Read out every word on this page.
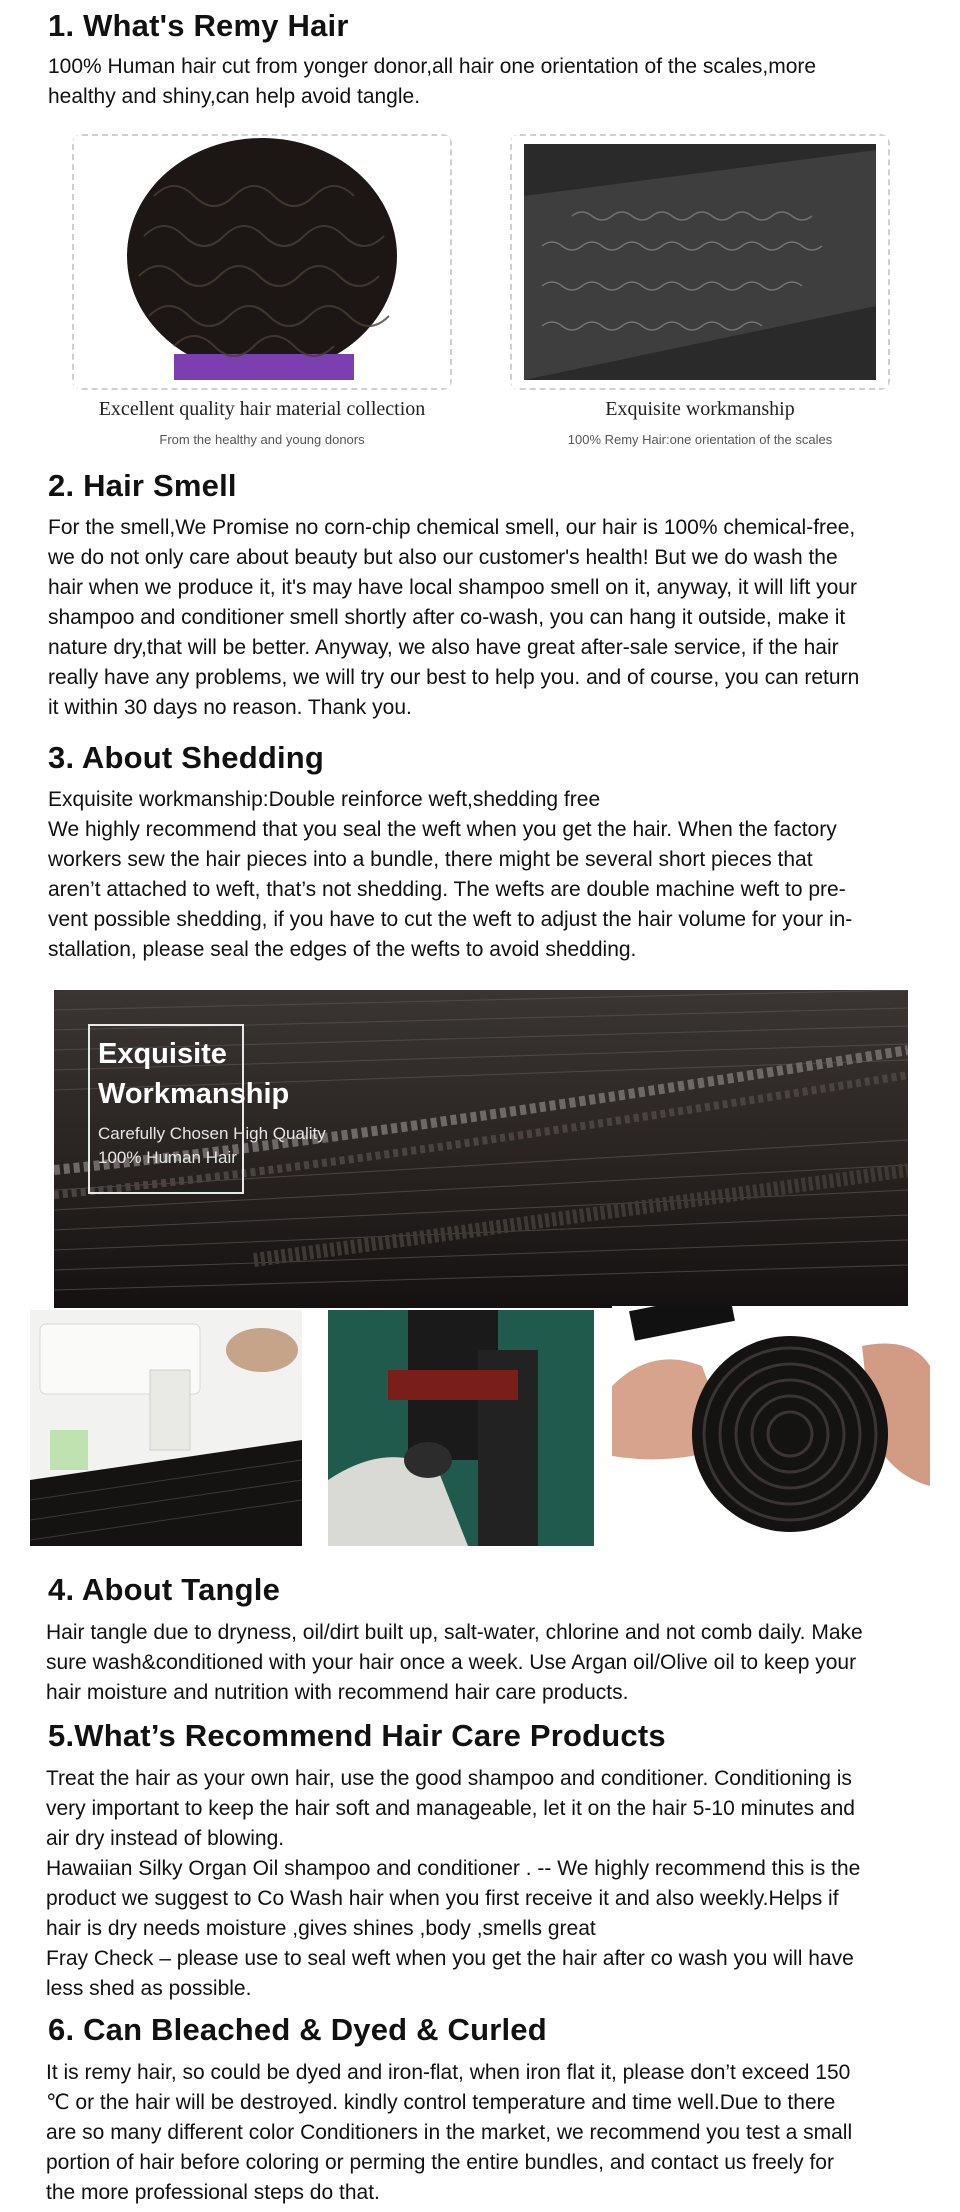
1. What's Remy Hair

100% Human hair cut from yonger donor,all hair one orientation of the scales,more

healthy and shiny,can help avoid tangle.

Excellent quality hair material collection
From the healthy and young donors
Exquisite workmanship
100% Remy Hair:one orientation of the scales
2. Hair Smell

For the smell,We Promise no corn-chip chemical smell, our hair is 100% chemical-free,

we do not only care about beauty but also our customer's health! But we do wash the

hair when we produce it, it's may have local shampoo smell on it, anyway, it will lift your

shampoo and conditioner smell shortly after co-wash, you can hang it outside, make it

nature dry,that will be better. Anyway, we also have great after-sale service, if the hair

really have any problems, we will try our best to help you. and of course, you can return

it within 30 days no reason. Thank you.

3. About Shedding

Exquisite workmanship:Double reinforce weft,shedding free

We highly recommend that you seal the weft when you get the hair. When the factory

workers sew the hair pieces into a bundle, there might be several short pieces that

aren’t attached to weft, that’s not shedding. The wefts are double machine weft to pre-

vent possible shedding, if you have to cut the weft to adjust the hair volume for your in-

stallation, please seal the edges of the wefts to avoid shedding.

Exquisite
Workmanship
Carefully Chosen High Quality
100% Human Hair
4. About Tangle

Hair tangle due to dryness, oil/dirt built up, salt-water, chlorine and not comb daily. Make

sure wash&conditioned with your hair once a week. Use Argan oil/Olive oil to keep your

hair moisture and nutrition with recommend hair care products.

5.What’s Recommend Hair Care Products

Treat the hair as your own hair, use the good shampoo and conditioner. Conditioning is

very important to keep the hair soft and manageable, let it on the hair 5-10 minutes and

air dry instead of blowing.

Hawaiian Silky Organ Oil shampoo and conditioner . -- We highly recommend this is the

product we suggest to Co Wash hair when you first receive it and also weekly.Helps if

hair is dry needs moisture ,gives shines ,body ,smells great

Fray Check – please use to seal weft when you get the hair after co wash you will have

less shed as possible.

6. Can Bleached & Dyed & Curled

It is remy hair, so could be dyed and iron-flat, when iron flat it, please don’t exceed 150

℃ or the hair will be destroyed. kindly control temperature and time well.Due to there

are so many different color Conditioners in the market, we recommend you test a small

portion of hair before coloring or perming the entire bundles, and contact us freely for

the more professional steps do that.
